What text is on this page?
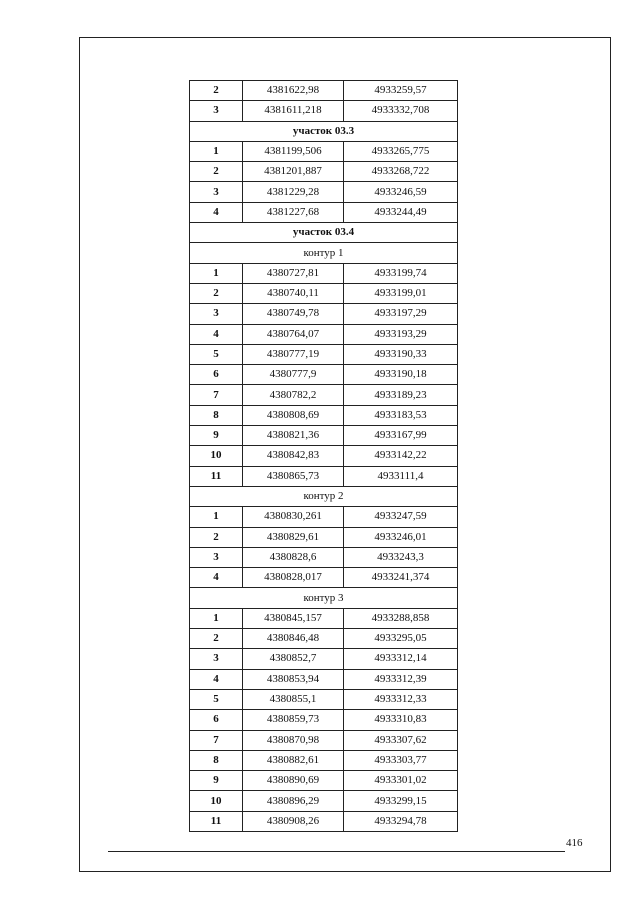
2	4381622,98	4933259,57
3	4381611,218	4933332,708
участок 03.3		
1	4381199,506	4933265,775
2	4381201,887	4933268,722
3	4381229,28	4933246,59
4	4381227,68	4933244,49
участок 03.4		
контур 1		
1	4380727,81	4933199,74
2	4380740,11	4933199,01
3	4380749,78	4933197,29
4	4380764,07	4933193,29
5	4380777,19	4933190,33
6	4380777,9	4933190,18
7	4380782,2	4933189,23
8	4380808,69	4933183,53
9	4380821,36	4933167,99
10	4380842,83	4933142,22
11	4380865,73	4933111,4
контур 2		
1	4380830,261	4933247,59
2	4380829,61	4933246,01
3	4380828,6	4933243,3
4	4380828,017	4933241,374
контур 3		
1	4380845,157	4933288,858
2	4380846,48	4933295,05
3	4380852,7	4933312,14
4	4380853,94	4933312,39
5	4380855,1	4933312,33
6	4380859,73	4933310,83
7	4380870,98	4933307,62
8	4380882,61	4933303,77
9	4380890,69	4933301,02
10	4380896,29	4933299,15
11	4380908,26	4933294,78
416
